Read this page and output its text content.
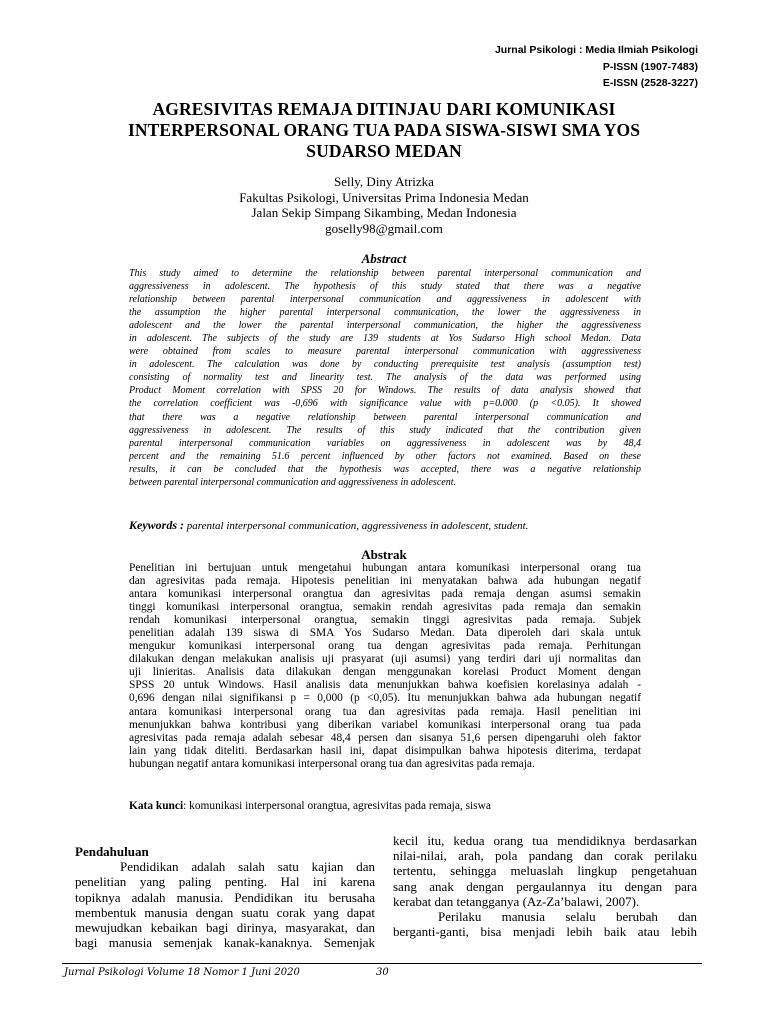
Jurnal Psikologi : Media Ilmiah Psikologi
P-ISSN (1907-7483)
E-ISSN (2528-3227)
AGRESIVITAS REMAJA DITINJAU DARI KOMUNIKASI
INTERPERSONAL ORANG TUA PADA SISWA-SISWI SMA YOS
SUDARSO MEDAN
Selly, Diny Atrizka
Fakultas Psikologi, Universitas Prima Indonesia Medan
Jalan Sekip Simpang Sikambing, Medan Indonesia
goselly98@gmail.com
Abstract
This study aimed to determine the relationship between parental interpersonal communication and
aggressiveness in adolescent. The hypothesis of this study stated that there was a negative
relationship between parental interpersonal communication and aggressiveness in adolescent with
the assumption the higher parental interpersonal communication, the lower the aggressiveness in
adolescent and the lower the parental interpersonal communication, the higher the aggressiveness
in adolescent. The subjects of the study are 139 students at Yos Sudarso High school Medan. Data
were obtained from scales to measure parental interpersonal communication with aggressiveness
in adolescent. The calculation was done by conducting prerequisite test analysis (assumption test)
consisting of normality test and linearity test. The analysis of the data was performed using
Product Moment correlation with SPSS 20 for Windows. The results of data analysis showed that
the correlation coefficient was -0,696 with significance value with p=0.000 (p <0.05). It showed
that there was a negative relationship between parental interpersonal communication and
aggressiveness in adolescent. The results of this study indicated that the contribution given
parental interpersonal communication variables on aggressiveness in adolescent was by 48,4
percent and the remaining 51.6 percent influenced by other factors not examined. Based on these
results, it can be concluded that the hypothesis was accepted, there was a negative relationship
between parental interpersonal communication and aggressiveness in adolescent.
Keywords : parental interpersonal communication, aggressiveness in adolescent, student.
Abstrak
Penelitian ini bertujuan untuk mengetahui hubungan antara komunikasi interpersonal orang tua
dan agresivitas pada remaja. Hipotesis penelitian ini menyatakan bahwa ada hubungan negatif
antara komunikasi interpersonal orangtua dan agresivitas pada remaja dengan asumsi semakin
tinggi komunikasi interpersonal orangtua, semakin rendah agresivitas pada remaja dan semakin
rendah komunikasi interpersonal orangtua, semakin tinggi agresivitas pada remaja. Subjek
penelitian adalah 139 siswa di SMA Yos Sudarso Medan. Data diperoleh dari skala untuk
mengukur komunikasi interpersonal orang tua dengan agresivitas pada remaja. Perhitungan
dilakukan dengan melakukan analisis uji prasyarat (uji asumsi) yang terdiri dari uji normalitas dan
uji linieritas. Analisis data dilakukan dengan menggunakan korelasi Product Moment dengan
SPSS 20 untuk Windows. Hasil analisis data menunjukkan bahwa koefisien korelasinya adalah -
0,696 dengan nilai signifikansi p = 0,000 (p <0,05). Itu menunjukkan bahwa ada hubungan negatif
antara komunikasi interpersonal orang tua dan agresivitas pada remaja. Hasil penelitian ini
menunjukkan bahwa kontribusi yang diberikan variabel komunikasi interpersonal orang tua pada
agresivitas pada remaja adalah sebesar 48,4 persen dan sisanya 51,6 persen dipengaruhi oleh faktor
lain yang tidak diteliti. Berdasarkan hasil ini, dapat disimpulkan bahwa hipotesis diterima, terdapat
hubungan negatif antara komunikasi interpersonal orang tua dan agresivitas pada remaja.
Kata kunci: komunikasi interpersonal orangtua, agresivitas pada remaja, siswa
Pendahuluan
Pendidikan adalah salah satu kajian dan
penelitian yang paling penting. Hal ini karena
topiknya adalah manusia. Pendidikan itu berusaha
membentuk manusia dengan suatu corak yang dapat
mewujudkan kebaikan bagi dirinya, masyarakat, dan
bagi manusia semenjak kanak-kanaknya. Semenjak
kecil itu, kedua orang tua mendidiknya berdasarkan
nilai-nilai, arah, pola pandang dan corak perilaku
tertentu, sehingga meluaslah lingkup pengetahuan
sang anak dengan pergaulannya itu dengan para
kerabat dan tetangganya (Az-Za’balawi, 2007).
Perilaku manusia selalu berubah dan
berganti-ganti, bisa menjadi lebih baik atau lebih
Jurnal Psikologi Volume 18 Nomor 1 Juni 2020	30
